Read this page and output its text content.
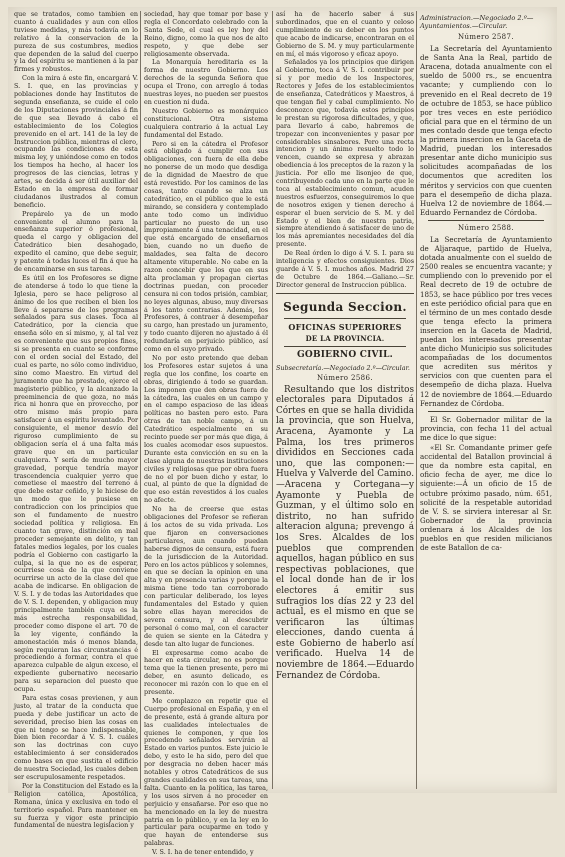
que se tratados, como tambien en cuanto á cualidades y aun con ellos tuviese medidas, y más todavía en lo relativo á la conservacion de la pureza de sus costumbres, medios que dependen de la salud del cuerpo y la del espíritu se mantienen á la par firmes y robustos.

Con la mira á este fin, encargará V. S. I. que, en las provincias y poblaciones donde hay Institutos de segunda enseñanza, se cuide el celo de los Diputaciones provinciales á fin de que sea llevado á cabo el establecimiento de los Colegios prevenido en el art. 141 de la ley de Instruccion pública, mientras el clero, ocupando las condiciones de esta misma ley, y uniéndose como en todos los tiempos ha hecho, al hacer los progresos de las ciencias, letras y artes, se decida á ser útil auxiliar del Estado en la empresa de formar ciudadanos ilustrados al comun beneficio.

Prepárelo ya de un modo conveniente el alumno para la enseñanza superior ó profesional, queda el cargo y obligacion del Catedrático bien desahogado, expedito el camino, que debe seguir, y patente á todas luces el fin á que ha de encaminarse en sus tareas.

Es útil en los Profesores se digne de atenderse á todo lo que tiene la Iglesia, pero se hace peligroso al ánimo de los que reciben el bien los lleve á separarse de los programas señalados para sus clases. Toca al Catedrático, por la ciencia que enseña sólo en sí mismo, y, al tal vez es conveniente que sus propios fines, si se presenta en cuanto se conforme con el orden social del Estado, del cual es parte, no sólo como individuo, sino como Maestro. En virtud del juramento que ha prestado, ejerce el magisterio público, y la alcanzado la preeminencia de que goza, no más rica ni honra que en proveccho, por otro mismo más propio para satisfacer á un espíritu levantado. Por consiguiente, el menor desvío del riguroso cumplimiento de su obligacion sería el á una falta más grave que en un particular cualquiera. Y sería de mucho mayor gravedad, porque tendría mayor trascendencia cualquier yerro que cometiese el maestro del terreno á que debe estar ceñido, y le hiciese de un modo que le pusiese en contradiccion con los principios que son el fundamento de nuestro sociedad política y religiosa. En cuanto tan grave, distinción en mal proceder semejante en delito, y tan fatales medios legales, por los cuales podría el Gobierno con castigarlo la culpa, si la que no es de esperar, ocurriese cosa de la que conviene ocurrirse un acto de la clase del que acaba de indicarse. En obligacion de V. S. I. y de todas las Autoridades que de V. S. I. dependen, y obligacion muy principalmente también cuya es la más estrecha responsabilidad, proceder como dispone el art. 70 de la ley vigente, confiándo la amonestación más ó menos blanda, según requieran las circunstancias é procediendo á formar, contra el que aparezca culpable de algun exceso, el expediente gubernativo necesario para su separacion del puesto que ocupa.

Para estas cosas previenen, y aun justo, al tratar de la conducta que pueda y debe justificar un acto de severidad, preciso bien las cosas en que ni tengo se hace indispensable, bien bien recordar á V. S. I. cuáles son las doctrinas con cuyo establecimiento á ser considerados como bases en que sustita el edificio de nuestra Sociedad, les cuales deben ser escrupulosamente respetados.

Por la Constitucion del Estado es la Religion católica, Apostólica, Romana, única y exclusiva en todo el territorio español. Para mantener en su fuerza y vigor este principio fundamental de nuestra legislacion y

sociedad, hay que tomar por base y regla el Concordato celebrado con la Santa Sede, el cual es ley hoy del Reino, digno, como la que nos de alto respeto, y que debe ser religiosamente observada.

La Monarquía hereditaria es la forma de nuestro Gobierno. Los derechos de la segunda Señora que ocupa el Trono, con arreglo á todas nuestras leyes, no pueden ser puestos en cuestion ni duda.

Nuestro Gobierno es monárquico constitucional. Otra sistema cualquiera contrario á la actual Ley fundamental del Estado.

Pero si en la cátedra el Profesor está obligado á cumplir con sus obligaciones, con fuera de ella debe no ponerse de un modo que desdiga de la dignidad de Maestro de que está revestido. Por los caminos de las cosas, tanto cuando se alza un catedrático, en el público que le está mirando, se considera y contemplado ante todo como un individuo particular no puesto de un uso impropiamente á una tenacidad, en el que está encargado de enseñarnos bien, cuando no un dueño de maldades, sea falta de decoro altamente vituperable. No cabe en la razon concebir que los que en sus alta proclaman y propagan ciertas doctrinas puedan, con proceder censura ni con todos prisión, cambiar, no leyes algunas, abuso, muy diversas á los tanto contrarias. Además, los Profesores, á contraer á desempeñar su cargo, han prestado un juramento, y todo cuanto dijeren no ajustado á él redundaría en perjuicio público, así como en el suyo privado.

No por esto pretendo que deban los Profesores estar sujetos á una regla que los confine, los coarte en obras, dirigiendo á todo se guardan. Los imponen que den obras fuera de la cátedra, las cuales en un campo y en el campo espacioso de las ideas políticas no basten pero esto. Para otras de tan noble campo, á un Catedrático especialmente en su recinto puede ser por más que diga, á los cuales acomodar esos supuestos. Durante esta convicción en su en la clase alguna de nuestras instituciones civiles y religiosas que por obra fuera de no el por buen dicho y estar, lo cual, al punto de que la dignidad de que eso están revestidos á los cuales no afecte.

No ha de creerse que estas obligaciones del Profesor se refieran á los actos de su vida privada. Los que fijaron en conversaciones particulares, aun cuando puedan haberse dignos de censura, está fuera de la jurisdiccion de la Autoridad. Pero en los actos públicos y solemnes, en que se decían la opinion en una alta y en presencia varias y porque la misma tiene todo tan corroborado con particular deliberado, los leyes fundamentales del Estado y quien sobre ellas hayan merecidos de severa censura, y al descubrir personal ó como mal, con el caracter de quien se siente en la Cátedra y desde tan alto lugar de funciones.

El expresarme como acabo de hacer en esta circular, no es porque tema que la tienen presente, pero mi deber, en asunto delicado, es reconocer mi razón con lo que en el presente.

Me complazco en repetir que el Cuerpo profesional en España, y en el de presente, está á grande altura por las cualidades intelectuales de quienes le componen, y que los precedendo señalados servirán al Estado en varios puntos. Este juicio le debo, y esto le ha sido, pero del que por desgracia no deben hacer más notables y otros Catedráticos de sus grandes cualidades en sus tareas, una falta. Cuanto en la política, las tarea, y los usos sirven á no proceder en perjuicio y ensañarse. Por eso que no ha mencionado en la ley de nuestra patria en lo público, y en la ley en lo particular para ocuparme en todo y que hayan de entenderse sus palabras.

V. S. I. ha de tener entendido, y

así ha de hacerlo saber á sus subordinados, que en el cuanto y celoso cumplimiento de su deber en los puntos que acabo de indicarse, encontraran en el Gobierno de S. M. y muy particularmente en mí, el más vigoroso y eficaz apoyo.

Señalados ya los principios que dirigen al Gobierno, toca á V. S. I. contribuir por sí y por medio de los Inspectores, Rectores y Jefes de los establecimientos de enseñanza, Catedráticos y Maestros, á que tengan fiel y cabal cumplimiento. No desconozco que, todavía estos principios le prestan su rigorosa dificultades, y que, para llevarlo á cabo, habremos de tropezar con inconvenientes y pasar por considerables sinsabores. Pero una recta intencion y un ánimo resuelto todo lo vencen, cuando se expresa y abrazan obediencia á los preceptos de la razon y la justicia. Por ello me lisonjeo de que, contribuyendo cada uno en la parte que le toca al establecimiento comun, acuden nuestros esfuerzos, conseguiremos lo que de nosotros exigen y tienen derecho á esperar el buen servicio de S. M. y del Estado y el bien de nuestra patria, siempre atendiendo á satisfacer de uno de los más apremiantes necesidades del día presente.

De Real órden lo digo á V. S. I. para su inteligencia y efectos consiguientes. Dios guarde á V. S. I. muchos años. Madrid 27 de Octubre de 1864.—Galiano.—Sr. Director general de Instruccion pública.

Segunda Seccion.
OFICINAS SUPERIORES
DE LA PROVINCIA.
GOBIERNO CIVIL.
Subsecretaría.—Negociado 2.º—Circular.
Número 2586.

Resultando que los distritos electorales para Diputados á Córtes en que se halla dividida la provincia, que son Huelva, Aracena, Ayamonte y La Palma, los tres primeros divididos en Secciones cada uno, que las componen:—Huelva y Valverde del Camino.—Aracena y Cortegana—y Ayamonte y Puebla de Guzman, y el último solo en distrito, no han sufrido alteracion alguna; prevengo á los Sres. Alcaldes de los pueblos que comprenden aquellos, hagan público en sus respectivas poblaciones, que el local donde han de ir los electores á emitir sus sufragios los días 22 y 23 del actual, es el mismo en que se verificaron las últimas elecciones, dando cuenta á este Gobierno de haberlo así verificado. Huelva 14 de noviembre de 1864.—Eduardo Fernandez de Córdoba.

Administracion.—Negociado 2.º—Ayuntamientos.—Circular.
Número 2587.

La Secretaría del Ayuntamiento de Santa Ana la Real, partido de Aracena, dotada anualmente con el sueldo de 5000 rs., se encuentra vacante; y cumpliendo con lo prevenido en el Real decreto de 19 de octubre de 1853, se hace público por tres veces en este periódico oficial para que en el término de un mes contado desde que tenga efecto la primera insercion en la Gaceta de Madrid, puedan los interesados presentar ante dicho municipio sus solicitudes acompañadas de los documentos que acrediten los méritos y servicios con que cuenten para el desempeño de dicha plaza. Huelva 12 de noviembre de 1864.—Eduardo Fernandez de Córdoba.

Número 2588.

La Secretaría de Ayuntamiento de Aljaraque, partido de Huelva, dotada anualmente con el sueldo de 2500 reales se encuentra vacante; y cumpliendo con lo prevenido por el Real decreto de 19 de octubre de 1853, se hace público por tres veces en este periódico oficial para que en el término de un mes contado desde que tenga efecto la primera insercion en la Gaceta de Madrid, puedan los interesados presentar ante dicho Municipio sus solicitudes acompañadas de los documentos que acrediten sus méritos y servicios con que cuenten para el desempeño de dicha plaza. Huelva 12 de noviembre de 1864.—Eduardo Fernandez de Córdoba.

El Sr. Gobernador militar de la provincia, con fecha 11 del actual me dice lo que sigue:

«El Sr. Comandante primer gefe accidental del Batallon provincial á que da nombre esta capital, en oficio fecha de ayer, me dice lo siguiente:—Á un oficio de 15 de octubre próximo pasado, núm. 651, solicité de la respetable autoridad de V. S. se sirviera interesar al Sr. Gobernador de la provincia ordenara á los Alcaldes de los pueblos en que residen milicianos de este Batallon de ca-
